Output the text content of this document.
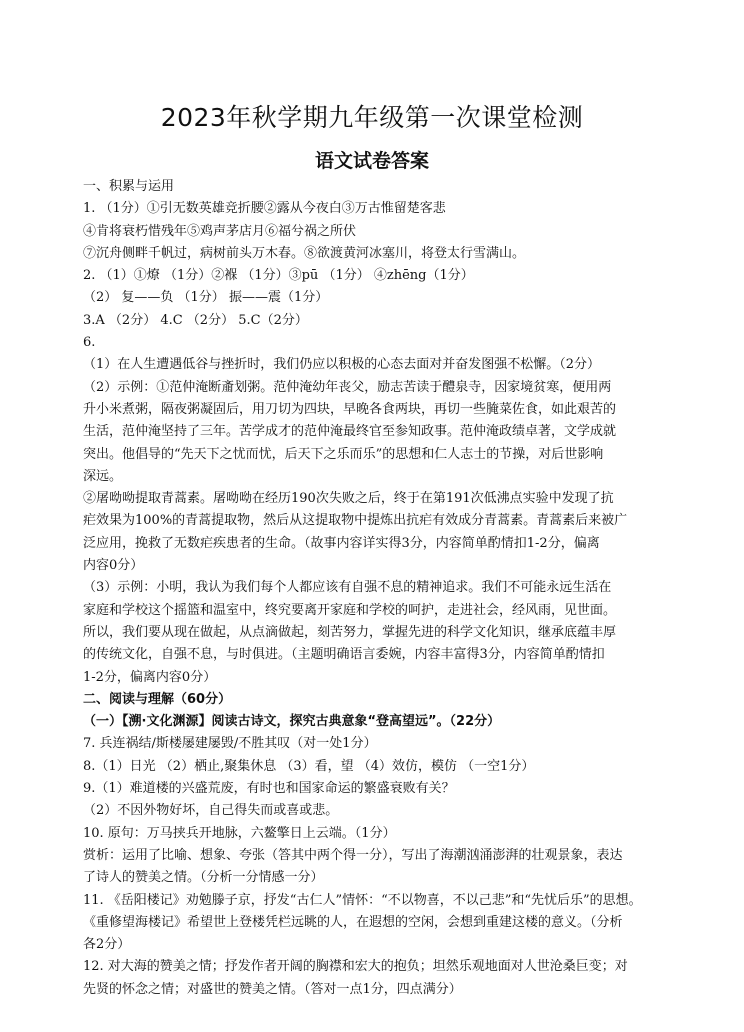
2023年秋学期九年级第一次课堂检测
语文试卷答案
一、积累与运用
1. （1分）①引无数英雄竞折腰②露从今夜白③万古惟留楚客悲
④肯将衰朽惜残年⑤鸡声茅店月⑥福兮祸之所伏
⑦沉舟侧畔千帆过，病树前头万木春。⑧欲渡黄河冰塞川，将登太行雪满山。
2. （1）①燎 （1分）②褓 （1分）③pū （1分） ④zhēng（1分）
（2） 复——负 （1分） 振——震（1分）
3.A （2分） 4.C （2分） 5.C（2分）
6.
（1）在人生遭遇低谷与挫折时，我们仍应以积极的心态去面对并奋发图强不松懈。（2分）
（2）示例：①范仲淹断齑划粥。范仲淹幼年丧父，励志苦读于醴泉寺，因家境贫寒，便用两
升小米煮粥，隔夜粥凝固后，用刀切为四块，早晚各食两块，再切一些腌菜佐食，如此艰苦的
生活，范仲淹坚持了三年。苦学成才的范仲淹最终官至参知政事。范仲淹政绩卓著，文学成就
突出。他倡导的“先天下之忧而忧，后天下之乐而乐”的思想和仁人志士的节操，对后世影响
深远。
②屠呦呦提取青蒿素。屠呦呦在经历190次失败之后，终于在第191次低沸点实验中发现了抗
疟效果为100%的青蒿提取物，然后从这提取物中提炼出抗疟有效成分青蒿素。青蒿素后来被广
泛应用，挽救了无数疟疾患者的生命。（故事内容详实得3分，内容简单酌情扣1-2分，偏离
内容0分）
（3）示例：小明，我认为我们每个人都应该有自强不息的精神追求。我们不可能永远生活在
家庭和学校这个摇篮和温室中，终究要离开家庭和学校的呵护，走进社会，经风雨，见世面。
所以，我们要从现在做起，从点滴做起，刻苦努力，掌握先进的科学文化知识，继承底蕴丰厚
的传统文化，自强不息，与时俱进。（主题明确语言委婉，内容丰富得3分，内容简单酌情扣
1-2分，偏离内容0分）
二、阅读与理解（60分）
（一）【溯·文化渊源】阅读古诗文，探究古典意象“登高望远”。（22分）
7. 兵连祸结/斯楼屡建屡毁/不胜其叹（对一处1分）
8.（1）日光 （2）栖止,聚集休息 （3）看，望 （4）效仿，模仿 （一空1分）
9.（1）难道楼的兴盛荒废，有时也和国家命运的繁盛衰败有关？
（2）不因外物好坏，自己得失而或喜或悲。
10. 原句：万马挟兵开地脉，六鳌擎日上云端。（1分）
赏析：运用了比喻、想象、夸张（答其中两个得一分），写出了海潮汹涌澎湃的壮观景象，表达
了诗人的赞美之情。（分析一分情感一分）
11. 《岳阳楼记》劝勉滕子京，抒发“古仁人”情怀：“不以物喜，不以己悲”和“先忧后乐”的思想。
《重修望海楼记》希望世上登楼凭栏远眺的人，在遐想的空闲，会想到重建这楼的意义。（分析
各2分）
12. 对大海的赞美之情；抒发作者开阔的胸襟和宏大的抱负；坦然乐观地面对人世沧桑巨变；对
先贤的怀念之情；对盛世的赞美之情。（答对一点1分，四点满分）
